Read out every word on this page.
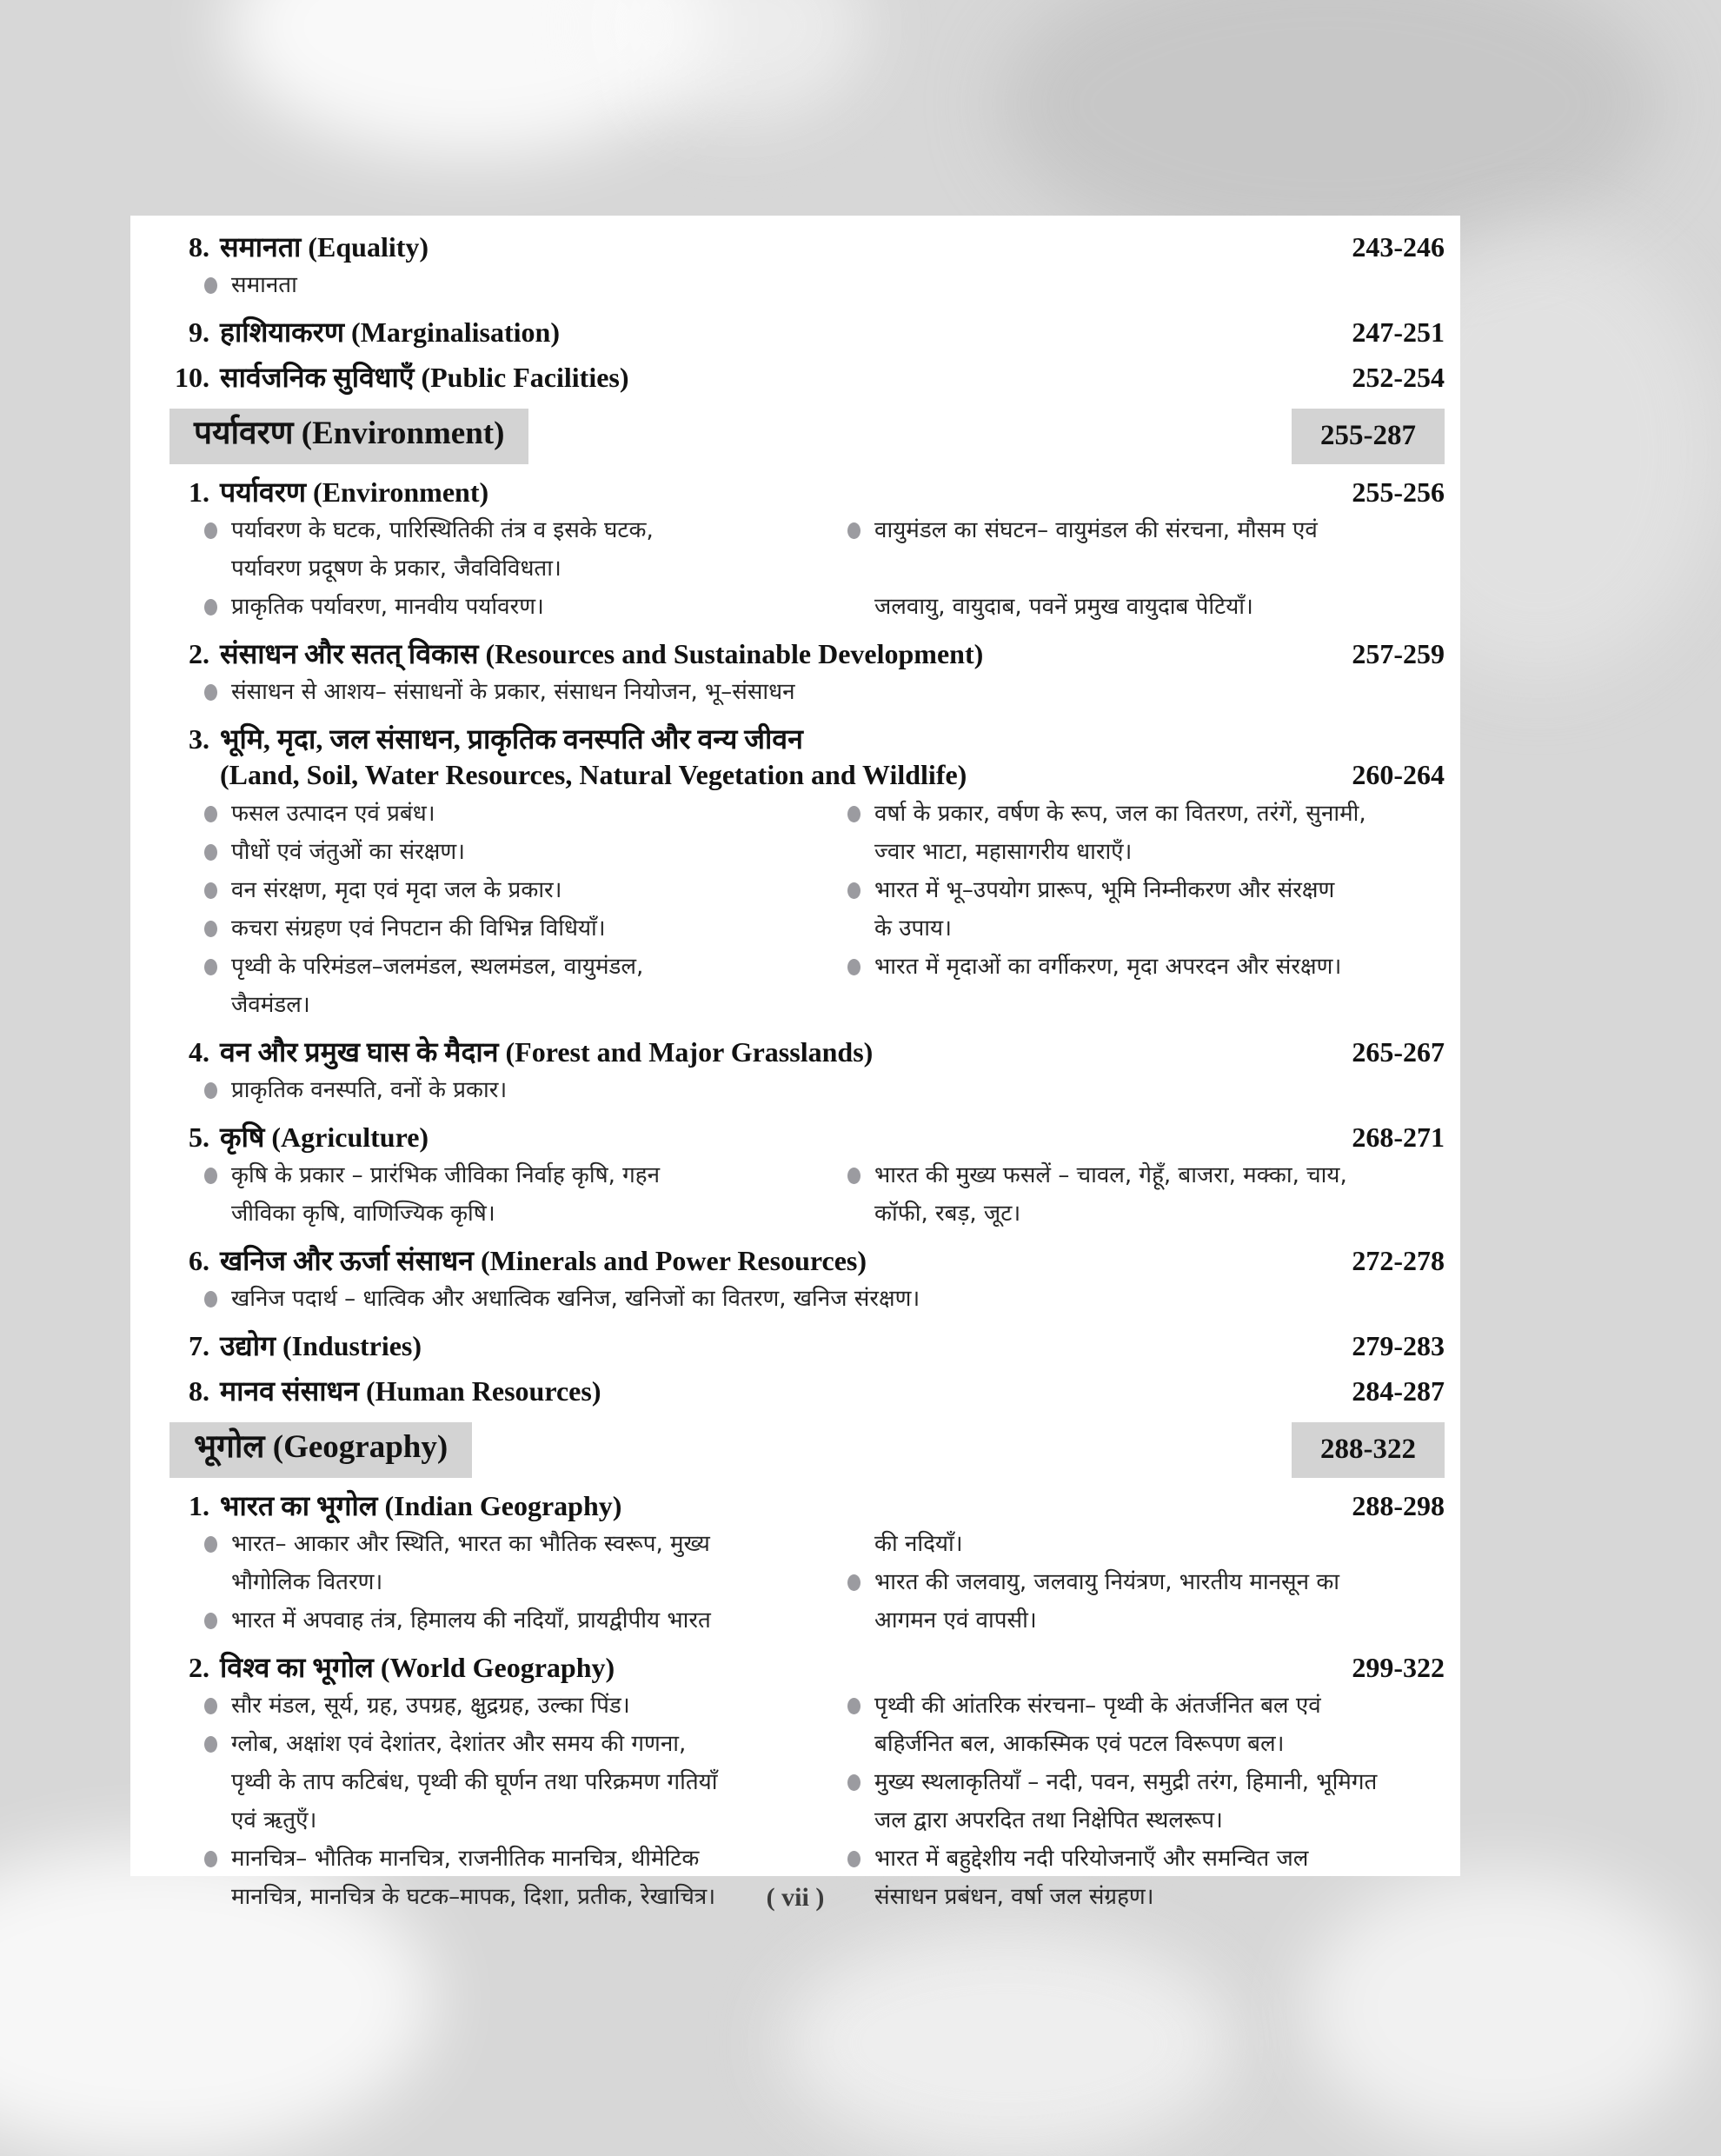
8. समानता (Equality)	243-246
समानता
9. हाशियाकरण (Marginalisation)	247-251
10. सार्वजनिक सुविधाएँ (Public Facilities)	252-254
पर्यावरण (Environment)	255-287
1. पर्यावरण (Environment)	255-256
पर्यावरण के घटक, पारिस्थितिकी तंत्र व इसके घटक,
पर्यावरण प्रदूषण के प्रकार, जैवविविधता।
प्राकृतिक पर्यावरण, मानवीय पर्यावरण।
वायुमंडल का संघटन– वायुमंडल की संरचना, मौसम एवं
जलवायु, वायुदाब, पवनें प्रमुख वायुदाब पेटियाँ।
2. संसाधन और सतत् विकास (Resources and Sustainable Development)	257-259
संसाधन से आशय– संसाधनों के प्रकार, संसाधन नियोजन, भू–संसाधन
3. भूमि, मृदा, जल संसाधन, प्राकृतिक वनस्पति और वन्य जीवन
(Land, Soil, Water Resources, Natural Vegetation and Wildlife)	260-264
फसल उत्पादन एवं प्रबंध।
पौधों एवं जंतुओं का संरक्षण।
वन संरक्षण, मृदा एवं मृदा जल के प्रकार।
कचरा संग्रहण एवं निपटान की विभिन्न विधियाँ।
पृथ्वी के परिमंडल–जलमंडल, स्थलमंडल, वायुमंडल,
जैवमंडल।
वर्षा के प्रकार, वर्षण के रूप, जल का वितरण, तरंगें, सुनामी,
ज्वार भाटा, महासागरीय धाराएँ।
भारत में भू–उपयोग प्रारूप, भूमि निम्नीकरण और संरक्षण
के उपाय।
भारत में मृदाओं का वर्गीकरण, मृदा अपरदन और संरक्षण।
4. वन और प्रमुख घास के मैदान (Forest and Major Grasslands)	265-267
प्राकृतिक वनस्पति, वनों के प्रकार।
5. कृषि (Agriculture)	268-271
कृषि के प्रकार – प्रारंभिक जीविका निर्वाह कृषि, गहन
जीविका कृषि, वाणिज्यिक कृषि।
भारत की मुख्य फसलें – चावल, गेहूँ, बाजरा, मक्का, चाय,
कॉफी, रबड़, जूट।
6. खनिज और ऊर्जा संसाधन (Minerals and Power Resources)	272-278
खनिज पदार्थ – धात्विक और अधात्विक खनिज, खनिजों का वितरण, खनिज संरक्षण।
7. उद्योग (Industries)	279-283
8. मानव संसाधन (Human Resources)	284-287
भूगोल (Geography)	288-322
1. भारत का भूगोल (Indian Geography)	288-298
भारत– आकार और स्थिति, भारत का भौतिक स्वरूप, मुख्य
भौगोलिक वितरण।
भारत में अपवाह तंत्र, हिमालय की नदियाँ, प्रायद्वीपीय भारत
की नदियाँ।
भारत की जलवायु, जलवायु नियंत्रण, भारतीय मानसून का
आगमन एवं वापसी।
2. विश्व का भूगोल (World Geography)	299-322
सौर मंडल, सूर्य, ग्रह, उपग्रह, क्षुद्रग्रह, उल्का पिंड।
ग्लोब, अक्षांश एवं देशांतर, देशांतर और समय की गणना,
पृथ्वी के ताप कटिबंध, पृथ्वी की घूर्णन तथा परिक्रमण गतियाँ
एवं ऋतुएँ।
मानचित्र– भौतिक मानचित्र, राजनीतिक मानचित्र, थीमेटिक
मानचित्र, मानचित्र के घटक–मापक, दिशा, प्रतीक, रेखाचित्र।
पृथ्वी की आंतरिक संरचना– पृथ्वी के अंतर्जनित बल एवं
बहिर्जनित बल, आकस्मिक एवं पटल विरूपण बल।
मुख्य स्थलाकृतियाँ – नदी, पवन, समुद्री तरंग, हिमानी, भूमिगत
जल द्वारा अपरदित तथा निक्षेपित स्थलरूप।
भारत में बहुद्देशीय नदी परियोजनाएँ और समन्वित जल
संसाधन प्रबंधन, वर्षा जल संग्रहण।
( vii )
